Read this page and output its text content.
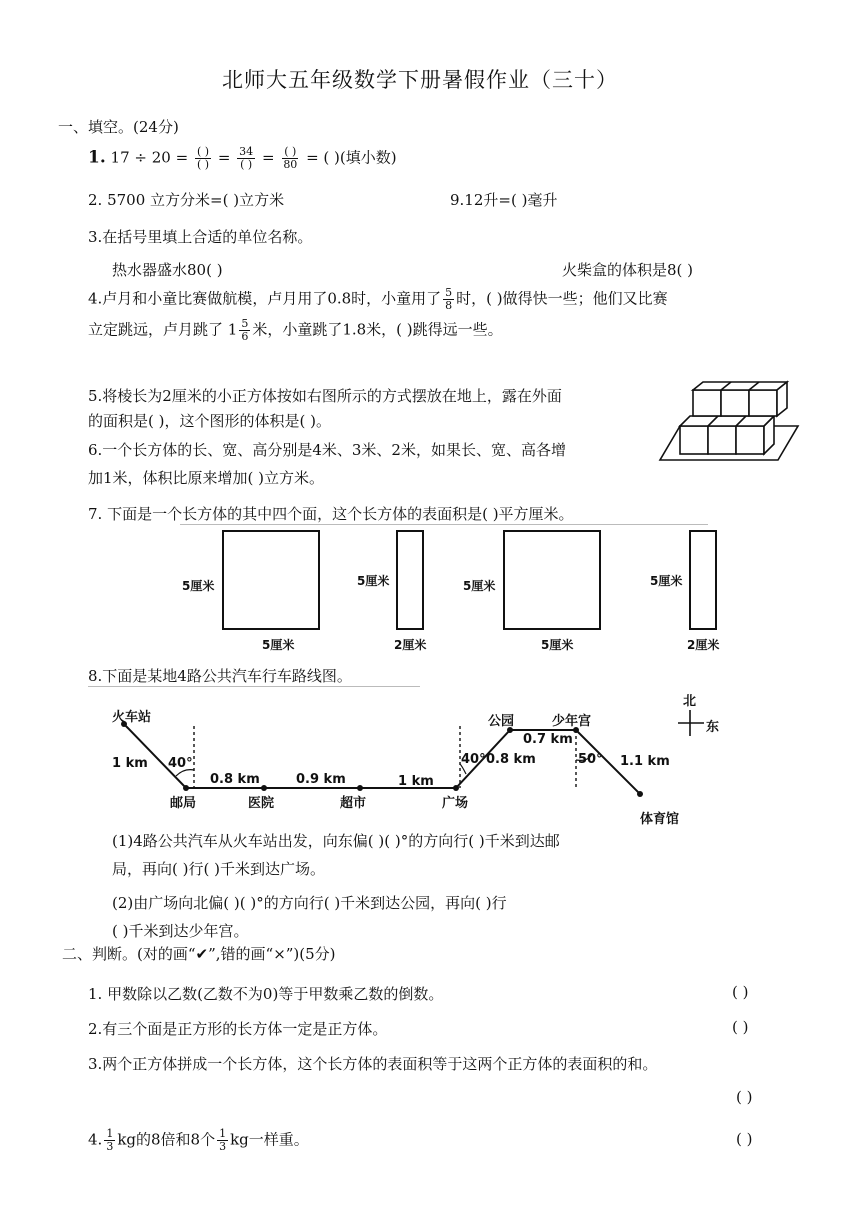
北师大五年级数学下册暑假作业（三十）
一、填空。(24分)
1. $17 \div 20 = \frac{( )}{( )} = \frac{34}{( )} = \frac{( )}{80}$ = ( )(填小数)
2. 5700 立方分米=( )立方米	9.12升=( )毫升
3.在括号里填上合适的单位名称。
热水器盛水80( )	火柴盒的体积是8( )
4.卢月和小童比赛做航模，卢月用了0.8时，小童用了 $\frac{5}{8}$ 时，( )做得快一些；他们又比赛
立定跳远，卢月跳了 $1 \frac{5}{6}$ 米，小童跳了1.8米，( )跳得远一些。
5.将棱长为2厘米的小正方体按如右图所示的方式摆放在地上，露在外面
的面积是( )，这个图形的体积是( )。
6.一个长方体的长、宽、高分别是4米、3米、2米，如果长、宽、高各增
加1米，体积比原来增加( )立方米。
7. 下面是一个长方体的其中四个面，这个长方体的表面积是( )平方厘米。
5厘米
5厘米
5厘米
2厘米
5厘米
5厘米
5厘米
2厘米
8.下面是某地4路公共汽车行车路线图。
火车站
邮局	医院	超市	广场
公园	少年宫
体育馆
北
东
1 km 40°
0.8 km	0.9 km	1 km
40° 0.8 km
0.7 km
50° 1.1 km
(1)4路公共汽车从火车站出发，向东偏( )( )°的方向行( )千米到达邮
局，再向( )行( )千米到达广场。
(2)由广场向北偏( )( )°的方向行( )千米到达公园，再向( )行
( )千米到达少年宫。
二、判断。(对的画“✔”,错的画“×”)(5分)
1. 甲数除以乙数(乙数不为0)等于甲数乘乙数的倒数。	( )
2.有三个面是正方形的长方体一定是正方体。	( )
3.两个正方体拼成一个长方体，这个长方体的表面积等于这两个正方体的表面积的和。
( )
4. $\frac{1}{3}$ kg的8倍和8个 $\frac{1}{3}$ kg一样重。	( )
